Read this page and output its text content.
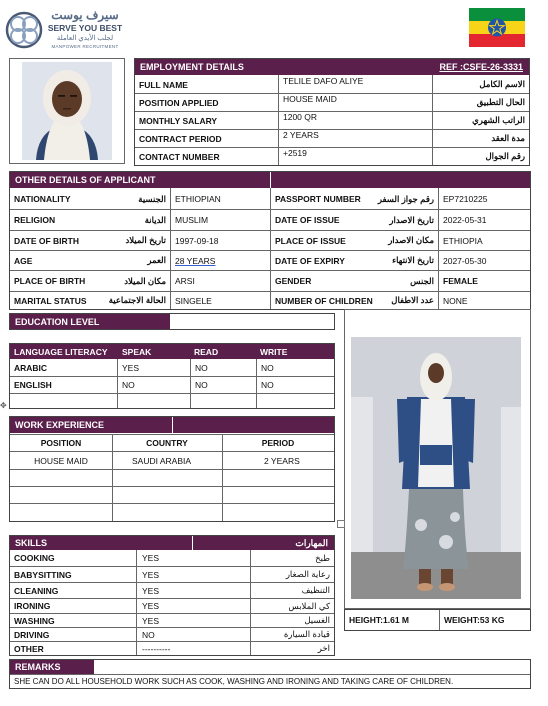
سيرف يوست
SERVE YOU BEST
لجلب الأيدي العاملة
MANPOWER RECRUITMENT
EMPLOYMENT DETAILS	REF :CSFE-26-3331
FULL NAME	TELILE DAFO ALIYE	الاسم الكامل
POSITION APPLIED	HOUSE MAID	الحال التطبيق
MONTHLY SALARY	1200 QR	الراتب الشهري
CONTRACT PERIOD	2 YEARS	مدة العقد
CONTACT NUMBER	+2519	رقم الجوال
OTHER DETAILS OF APPLICANT
NATIONALITY	الجنسية	ETHIOPIAN	PASSPORT NUMBER	رقم جواز السفر	EP7210225
RELIGION	الديانة	MUSLIM	DATE OF ISSUE	تاريخ الاصدار	2022-05-31
DATE OF BIRTH	تاريخ الميلاد	1997-09-18	PLACE OF ISSUE	مكان الاصدار	ETHIOPIA
AGE	العمر	28 YEARS	DATE OF EXPIRY	تاريخ الانتهاء	2027-05-30
PLACE OF BIRTH	مكان الميلاد	ARSI	GENDER	الجنس	FEMALE
MARITAL STATUS	الحالة الاجتماعية	SINGELE	NUMBER OF CHILDREN	عدد الاطفال	NONE
EDUCATION LEVEL
LANGUAGE LITERACY	SPEAK	READ	WRITE
ARABIC	YES	NO	NO
ENGLISH	NO	NO	NO
✥
WORK EXPERIENCE
POSITION	COUNTRY	PERIOD
HOUSE MAID	SAUDI ARABIA	2 YEARS
SKILLS	المهارات
COOKING	YES	طبخ
BABYSITTING	YES	رعاية الصغار
CLEANING	YES	التنظيف
IRONING	YES	كي الملابس
WASHING	YES	الغسيل
DRIVING	NO	قيادة السيارة
OTHER	----------	اخر
HEIGHT:1.61 M	WEIGHT:53 KG
REMARKS
SHE CAN DO ALL HOUSEHOLD WORK SUCH AS COOK, WASHING AND IRONING AND TAKING CARE OF CHILDREN.
